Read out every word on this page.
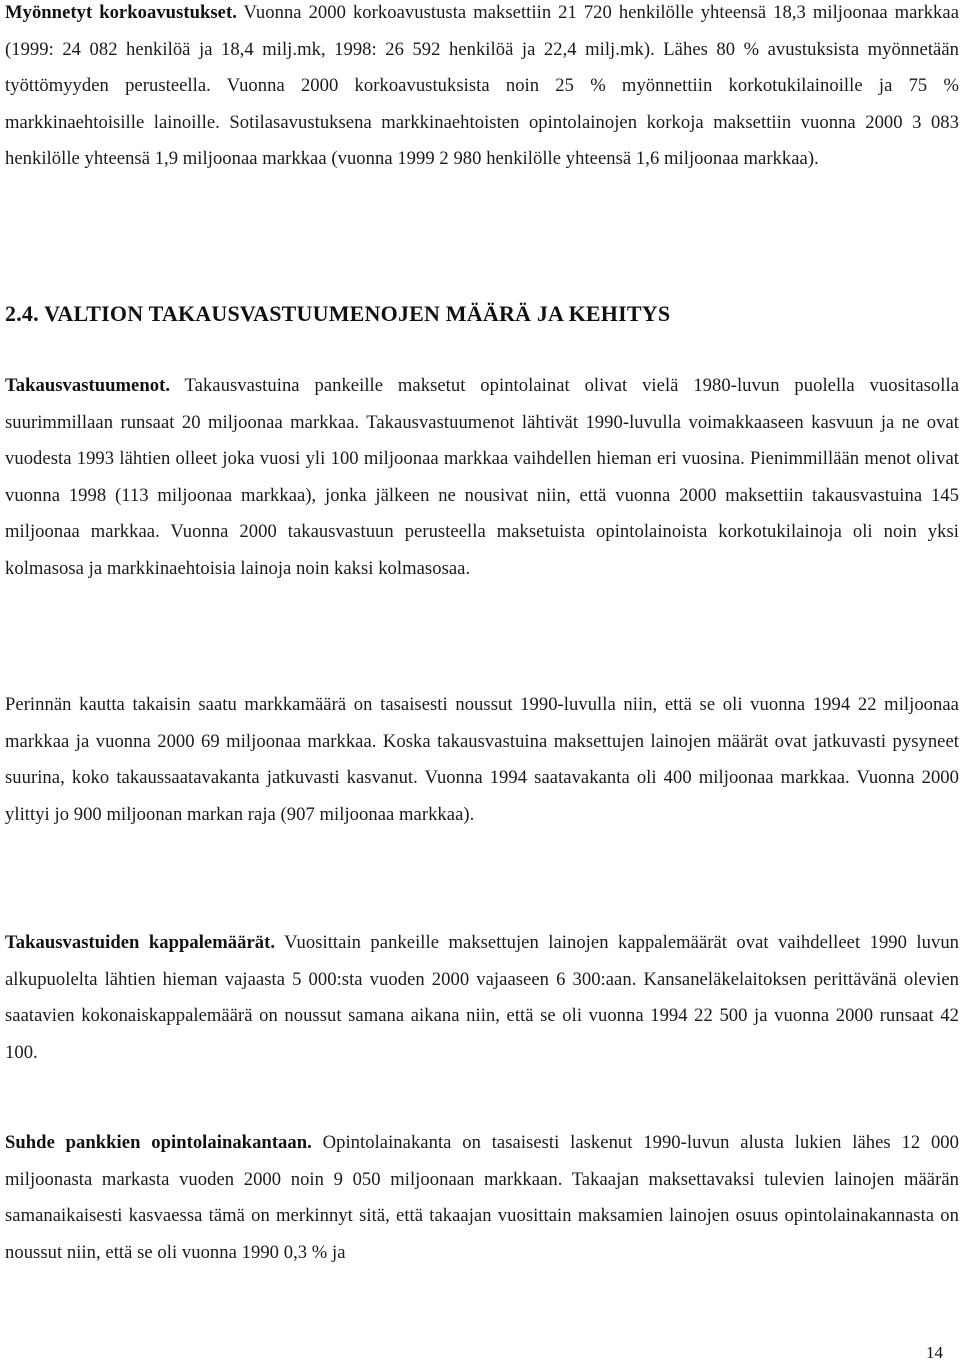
Myönnetyt korkoavustukset. Vuonna 2000 korkoavustusta maksettiin 21 720 henkilölle yhteensä 18,3 miljoonaa markkaa (1999: 24 082 henkilöä ja 18,4 milj.mk, 1998: 26 592 henkilöä ja 22,4 milj.mk). Lähes 80 % avustuksista myönnetään työttömyyden perusteella. Vuonna 2000 korkoavustuksista noin 25 % myönnettiin korkotukilainoille ja 75 % markkinaehtoisille lainoille. Sotilasavustuksena markkinaehtoisten opintolainojen korkoja maksettiin vuonna 2000 3 083 henkilölle yhteensä 1,9 miljoonaa markkaa (vuonna 1999 2 980 henkilölle yhteensä 1,6 miljoonaa markkaa).

2.4. VALTION TAKAUSVASTUUMENOJEN MÄÄRÄ JA KEHITYS

Takausvastuumenot. Takausvastuina pankeille maksetut opintolainat olivat vielä 1980-luvun puolella vuositasolla suurimmillaan runsaat 20 miljoonaa markkaa. Takausvastuumenot lähtivät 1990-luvulla voimakkaaseen kasvuun ja ne ovat vuodesta 1993 lähtien olleet joka vuosi yli 100 miljoonaa markkaa vaihdellen hieman eri vuosina. Pienimmillään menot olivat vuonna 1998 (113 miljoonaa markkaa), jonka jälkeen ne nousivat niin, että vuonna 2000 maksettiin takausvastuina 145 miljoonaa markkaa. Vuonna 2000 takausvastuun perusteella maksetuista opintolainoista korkotukilainoja oli noin yksi kolmasosa ja markkinaehtoisia lainoja noin kaksi kolmasosaa.

Perinnän kautta takaisin saatu markkamäärä on tasaisesti noussut 1990-luvulla niin, että se oli vuonna 1994 22 miljoonaa markkaa ja vuonna 2000 69 miljoonaa markkaa. Koska takausvastuina maksettujen lainojen määrät ovat jatkuvasti pysyneet suurina, koko takaussaatavakanta jatkuvasti kasvanut. Vuonna 1994 saatavakanta oli 400 miljoonaa markkaa. Vuonna 2000 ylittyi jo 900 miljoonan markan raja (907 miljoonaa markkaa).

Takausvastuiden kappalemäärät. Vuosittain pankeille maksettujen lainojen kappalemäärät ovat vaihdelleet 1990 luvun alkupuolelta lähtien hieman vajaasta 5 000:sta vuoden 2000 vajaaseen 6 300:aan. Kansaneläkelaitoksen perittävänä olevien saatavien kokonaiskappalemäärä on noussut samana aikana niin, että se oli vuonna 1994 22 500 ja vuonna 2000 runsaat 42 100.

Suhde pankkien opintolainakantaan. Opintolainakanta on tasaisesti laskenut 1990-luvun alusta lukien lähes 12 000 miljoonasta markasta vuoden 2000 noin 9 050 miljoonaan markkaan. Takaajan maksettavaksi tulevien lainojen määrän samanaikaisesti kasvaessa tämä on merkinnyt sitä, että takaajan vuosittain maksamien lainojen osuus opintolainakannasta on noussut niin, että se oli vuonna 1990 0,3 % ja

14
